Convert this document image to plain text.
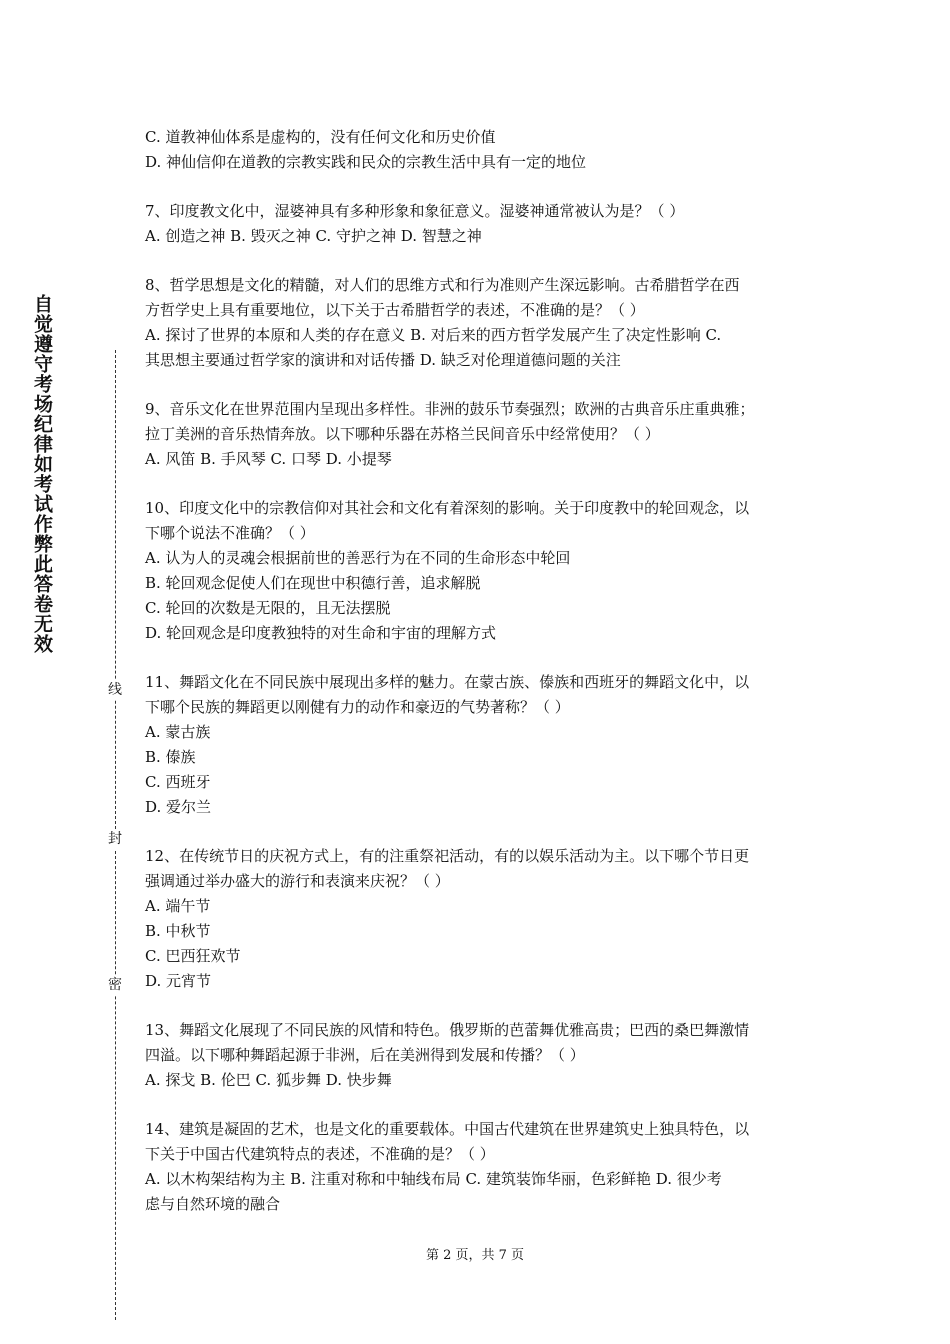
自觉遵守考场纪律如考试作弊此答卷无效
线
封
密
C. 道教神仙体系是虚构的，没有任何文化和历史价值
D. 神仙信仰在道教的宗教实践和民众的宗教生活中具有一定的地位
7、印度教文化中，湿婆神具有多种形象和象征意义。湿婆神通常被认为是？（ ）
A. 创造之神 B. 毁灭之神 C. 守护之神 D. 智慧之神
8、哲学思想是文化的精髓，对人们的思维方式和行为准则产生深远影响。古希腊哲学在西
方哲学史上具有重要地位，以下关于古希腊哲学的表述，不准确的是？（ ）
A. 探讨了世界的本原和人类的存在意义 B. 对后来的西方哲学发展产生了决定性影响 C.
其思想主要通过哲学家的演讲和对话传播 D. 缺乏对伦理道德问题的关注
9、音乐文化在世界范围内呈现出多样性。非洲的鼓乐节奏强烈；欧洲的古典音乐庄重典雅；
拉丁美洲的音乐热情奔放。以下哪种乐器在苏格兰民间音乐中经常使用？（ ）
A. 风笛 B. 手风琴 C. 口琴 D. 小提琴
10、印度文化中的宗教信仰对其社会和文化有着深刻的影响。关于印度教中的轮回观念，以
下哪个说法不准确？（ ）
A. 认为人的灵魂会根据前世的善恶行为在不同的生命形态中轮回
B. 轮回观念促使人们在现世中积德行善，追求解脱
C. 轮回的次数是无限的，且无法摆脱
D. 轮回观念是印度教独特的对生命和宇宙的理解方式
11、舞蹈文化在不同民族中展现出多样的魅力。在蒙古族、傣族和西班牙的舞蹈文化中，以
下哪个民族的舞蹈更以刚健有力的动作和豪迈的气势著称？（ ）
A. 蒙古族
B. 傣族
C. 西班牙
D. 爱尔兰
12、在传统节日的庆祝方式上，有的注重祭祀活动，有的以娱乐活动为主。以下哪个节日更
强调通过举办盛大的游行和表演来庆祝？（ ）
A. 端午节
B. 中秋节
C. 巴西狂欢节
D. 元宵节
13、舞蹈文化展现了不同民族的风情和特色。俄罗斯的芭蕾舞优雅高贵；巴西的桑巴舞激情
四溢。以下哪种舞蹈起源于非洲，后在美洲得到发展和传播？（ ）
A. 探戈 B. 伦巴 C. 狐步舞 D. 快步舞
14、建筑是凝固的艺术，也是文化的重要载体。中国古代建筑在世界建筑史上独具特色，以
下关于中国古代建筑特点的表述，不准确的是？（ ）
A. 以木构架结构为主 B. 注重对称和中轴线布局 C. 建筑装饰华丽，色彩鲜艳 D. 很少考
虑与自然环境的融合
第 2 页，共 7 页
